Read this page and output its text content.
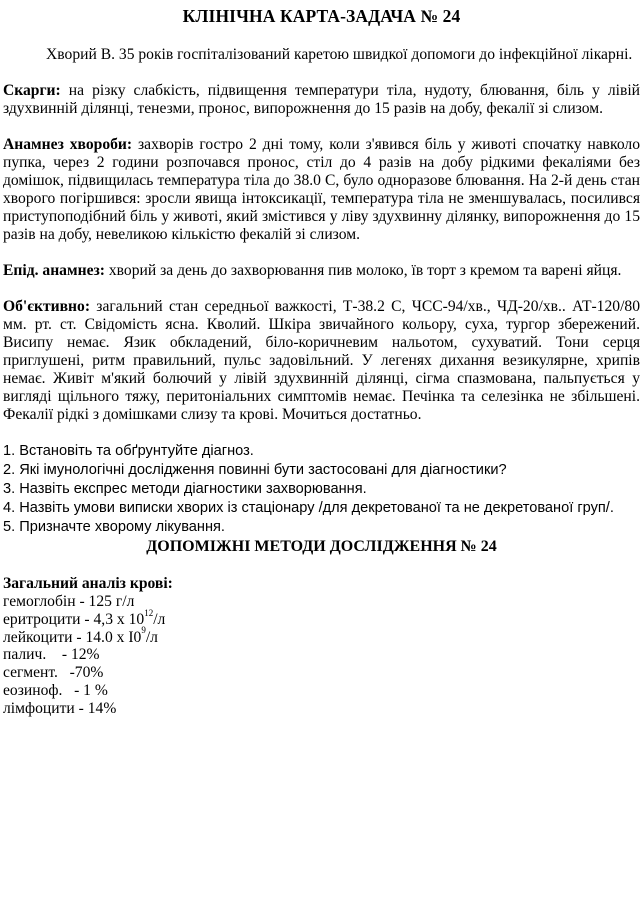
КЛІНІЧНА КАРТА-ЗАДАЧА № 24

Хворий В. 35 років госпіталізований каретою швидкої допомоги до інфекційної лікарні.

Скарги: на різку слабкість, підвищення температури тіла, нудоту, блювання, біль у лівій здухвинній ділянці, тенезми, пронос, випорожнення до 15 разів на добу, фекалії зі слизом.

Анамнез хвороби: захворів гостро 2 дні тому, коли з'явився біль у животі спочатку навколо пупка, через 2 години розпочався пронос, стіл до 4 разів на добу рідкими фекаліями без домішок, підвищилась температура тіла до 38.0 С, було одноразове блювання. На 2-й день стан хворого погіршився: зросли явища інтоксикації, температура тіла не зменшувалась, посилився приступоподібний біль у животі, який змістився у ліву здухвинну ділянку, випорожнення до 15 разів на добу, невеликою кількістю фекалій зі слизом.

Епід. анамнез: хворий за день до захворювання пив молоко, їв торт з кремом та варені яйця.

Об'єктивно: загальний стан середньої важкості, Т-38.2 С, ЧСС-94/хв., ЧД-20/хв.. АТ-120/80 мм. рт. ст. Свідомість ясна. Кволий. Шкіра звичайного кольору, суха, тургор збережений. Висипу немає. Язик обкладений, біло-коричневим нальотом, сухуватий. Тони серця приглушені, ритм правильний, пульс задовільний. У легенях дихання везикулярне, хрипів немає. Живіт м'який болючий у лівій здухвинній ділянці, сігма спазмована, пальпується у вигляді щільного тяжу, перитоніальних симптомів немає. Печінка та селезінка не збільшені. Фекалії рідкі з домішками слизу та крові. Мочиться достатньо.

1. Встановіть та обґрунтуйте діагноз.

2. Які імунологічні дослідження повинні бути застосовані для діагностики?

3. Назвіть експрес методи діагностики захворювання.

4. Назвіть умови виписки хворих із стаціонару /для декретованої та не декретованої груп/.

5. Призначте хворому лікування.

ДОПОМІЖНІ МЕТОДИ ДОСЛІДЖЕННЯ № 24
Загальний аналіз крові:
гемоглобін - 125 г/л
еритроцити - 4,3 х $10^{12}/л$
лейкоцити - 14.0 х $I0^9/л$
палич.    - 12%
сегмент.   -70%
еозиноф.   - 1 %
лімфоцити - 14%
